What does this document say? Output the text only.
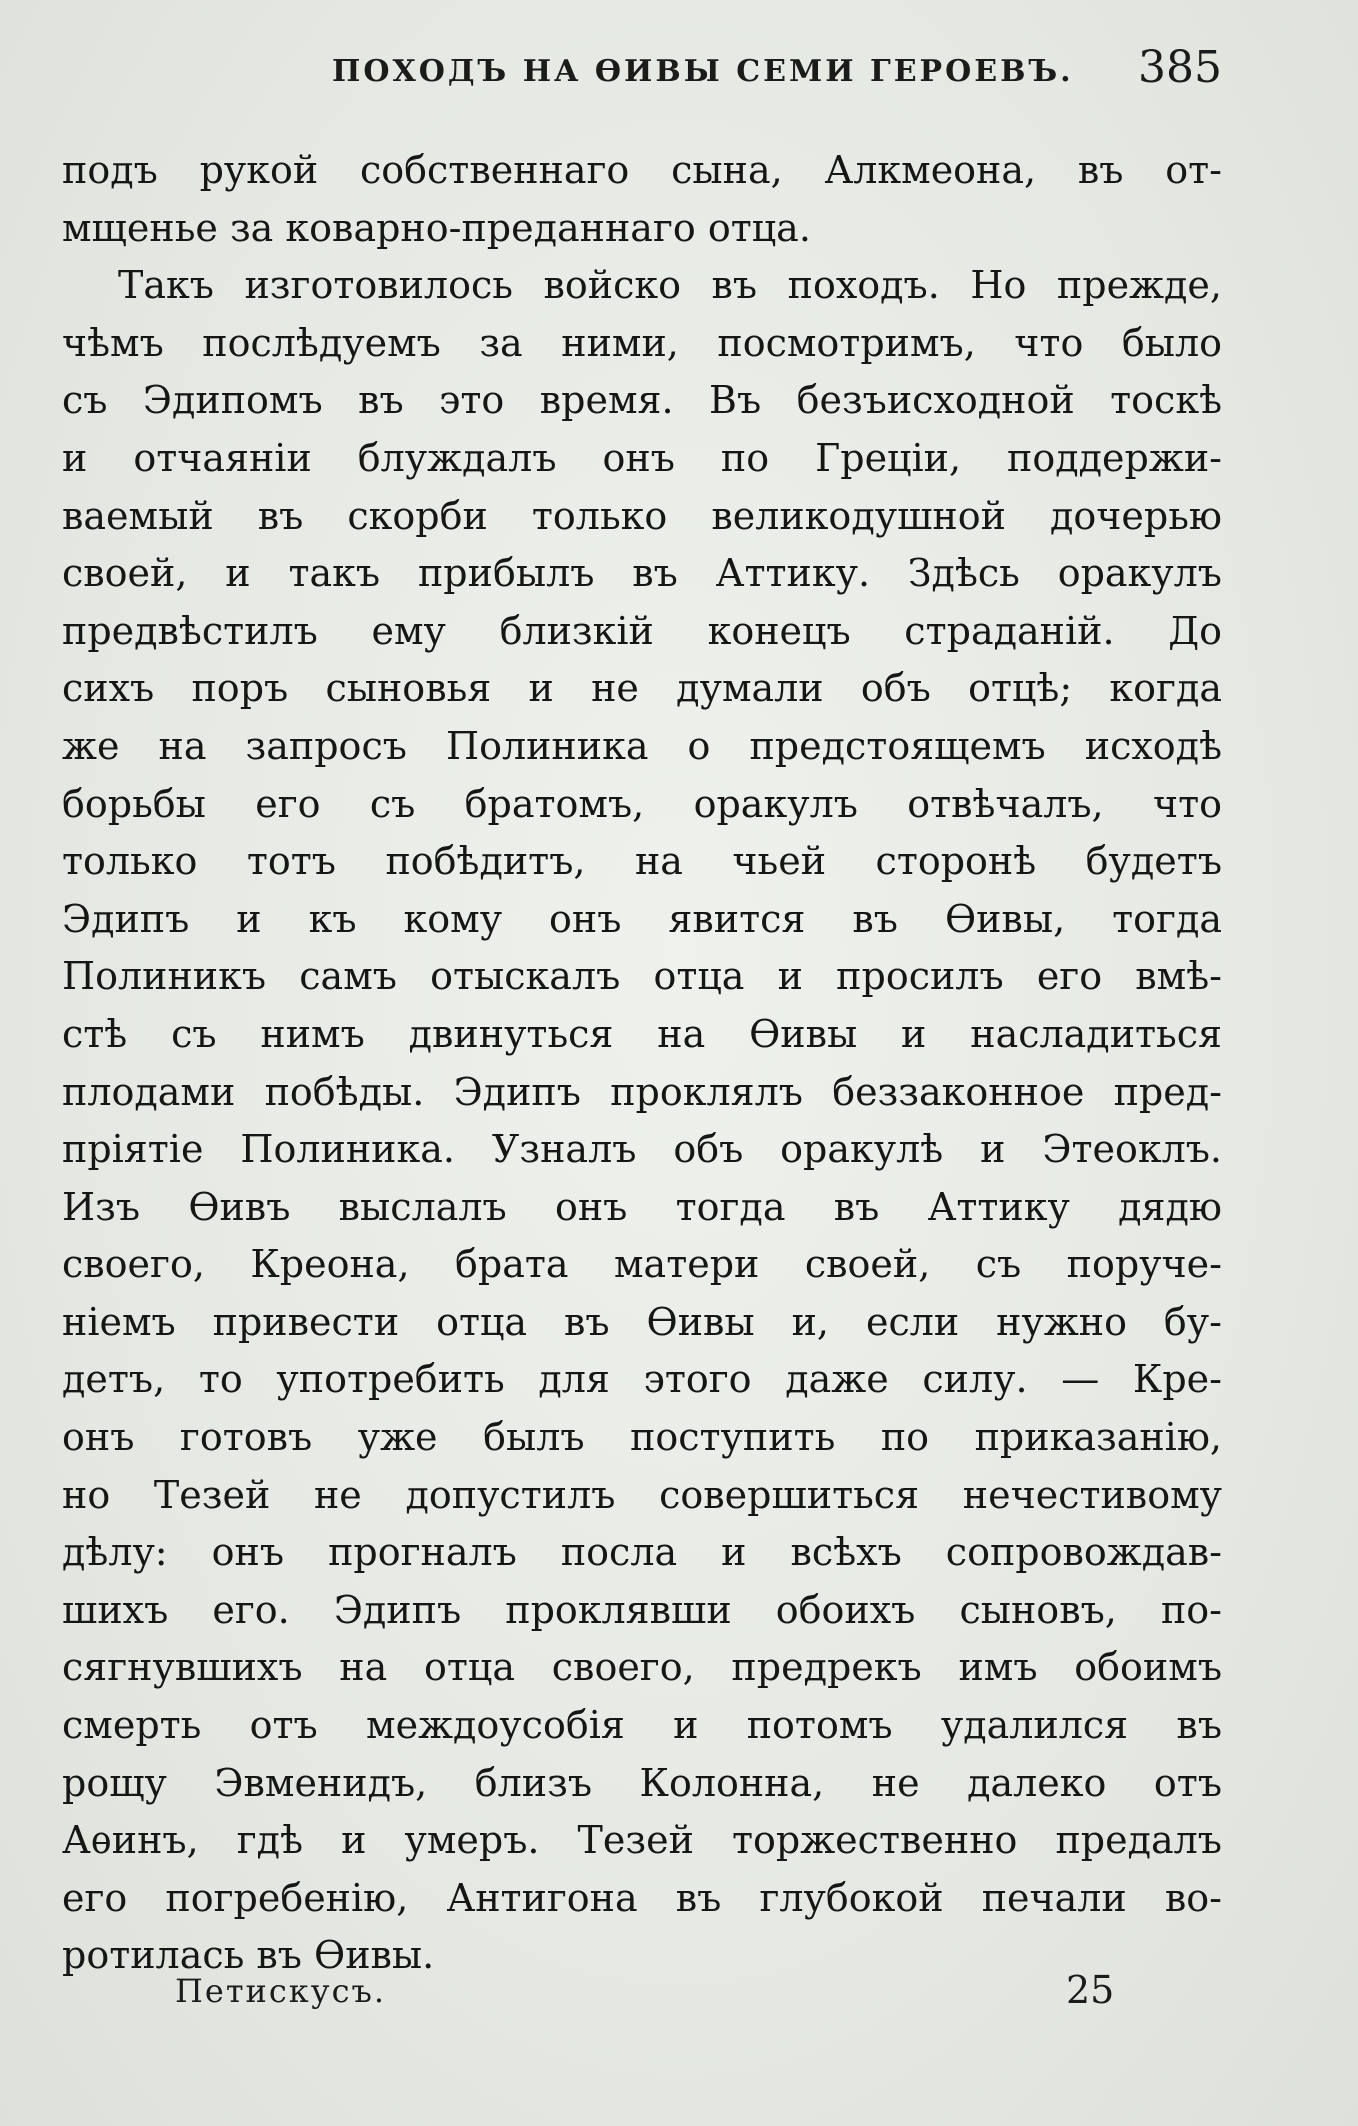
ПОХОДЪ НА ѲИВЫ СЕМИ ГЕРОЕВЪ. 385
подъ рукой собственнаго сына, Алкмеона, въ от-
мщенье за коварно-преданнаго отца.
Такъ изготовилось войско въ походъ. Но прежде,
чѣмъ послѣдуемъ за ними, посмотримъ, что было
съ Эдипомъ въ это время. Въ безъисходной тоскѣ
и отчаяніи блуждалъ онъ по Греціи, поддержи-
ваемый въ скорби только великодушной дочерью
своей, и такъ прибылъ въ Аттику. Здѣсь оракулъ
предвѣстилъ ему близкій конецъ страданій. До
сихъ поръ сыновья и не думали объ отцѣ; когда
же на запросъ Полиника о предстоящемъ исходѣ
борьбы его съ братомъ, оракулъ отвѣчалъ, что
только тотъ побѣдитъ, на чьей сторонѣ будетъ
Эдипъ и къ кому онъ явится въ Ѳивы, тогда
Полиникъ самъ отыскалъ отца и просилъ его вмѣ-
стѣ съ нимъ двинуться на Ѳивы и насладиться
плодами побѣды. Эдипъ проклялъ беззаконное пред-
пріятіе Полиника. Узналъ объ оракулѣ и Этеоклъ.
Изъ Ѳивъ выслалъ онъ тогда въ Аттику дядю
своего, Креона, брата матери своей, съ поруче-
ніемъ привести отца въ Ѳивы и, если нужно бу-
детъ, то употребить для этого даже силу. — Кре-
онъ готовъ уже былъ поступить по приказанію,
но Тезей не допустилъ совершиться нечестивому
дѣлу: онъ прогналъ посла и всѣхъ сопровождав-
шихъ его. Эдипъ проклявши обоихъ сыновъ, по-
сягнувшихъ на отца своего, предрекъ имъ обоимъ
смерть отъ междоусобія и потомъ удалился въ
рощу Эвменидъ, близъ Колонна, не далеко отъ
Аѳинъ, гдѣ и умеръ. Тезей торжественно предалъ
его погребенію, Антигона въ глубокой печали во-
ротилась въ Ѳивы.
Петискусъ.	25
